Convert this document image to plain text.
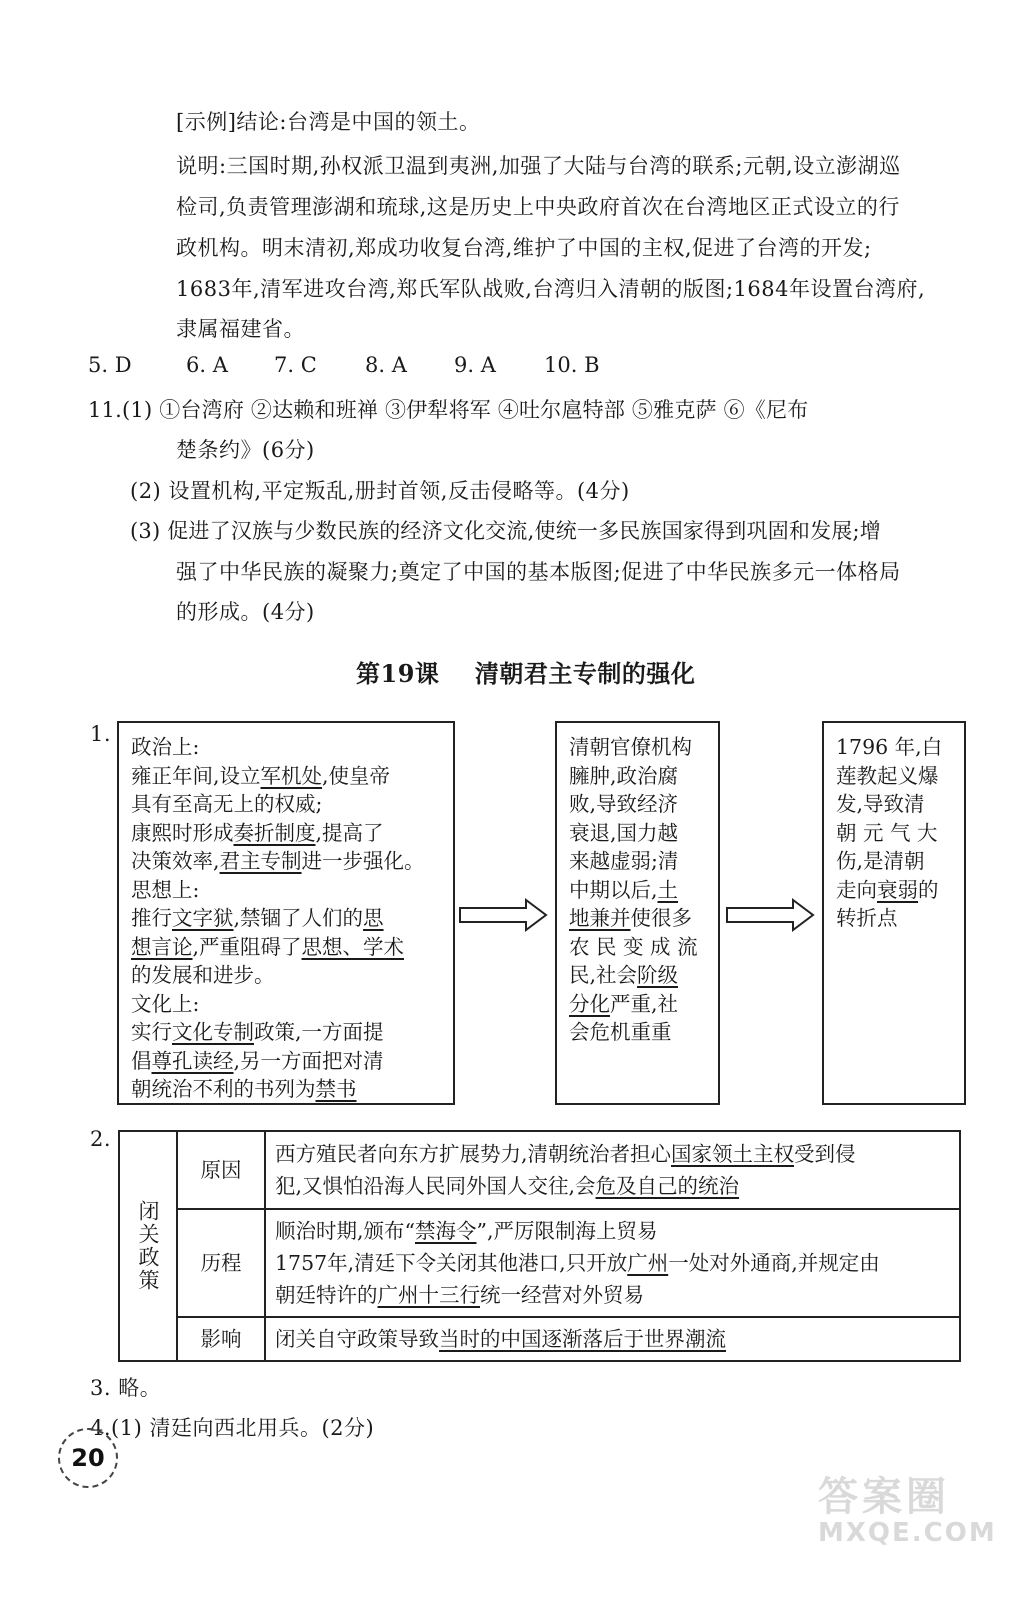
[示例]结论:台湾是中国的领土。
说明:三国时期,孙权派卫温到夷洲,加强了大陆与台湾的联系;元朝,设立澎湖巡
检司,负责管理澎湖和琉球,这是历史上中央政府首次在台湾地区正式设立的行
政机构。明末清初,郑成功收复台湾,维护了中国的主权,促进了台湾的开发;
1683年,清军进攻台湾,郑氏军队战败,台湾归入清朝的版图;1684年设置台湾府,
隶属福建省。
5. D	6. A 7. C 8. A 9. A 10. B
11.(1) ①台湾府 ②达赖和班禅 ③伊犁将军 ④吐尔扈特部 ⑤雅克萨 ⑥《尼布
楚条约》(6分)
(2) 设置机构,平定叛乱,册封首领,反击侵略等。(4分)
(3) 促进了汉族与少数民族的经济文化交流,使统一多民族国家得到巩固和发展;增
强了中华民族的凝聚力;奠定了中国的基本版图;促进了中华民族多元一体格局
的形成。(4分)
第19课    清朝君主专制的强化
1.
政治上:
雍正年间,设立军机处,使皇帝
具有至高无上的权威;
康熙时形成奏折制度,提高了
决策效率,君主专制进一步强化。
思想上:
推行文字狱,禁锢了人们的思
想言论,严重阻碍了思想、学术
的发展和进步。
文化上:
实行文化专制政策,一方面提
倡尊孔读经,另一方面把对清
朝统治不利的书列为禁书
清朝官僚机构
臃肿,政治腐
败,导致经济
衰退,国力越
来越虚弱;清
中期以后,土
地兼并使很多
农 民 变 成 流
民,社会阶级
分化严重,社
会危机重重
1796 年,白
莲教起义爆
发,导致清
朝 元 气 大
伤,是清朝
走向衰弱的
转折点
2.
闭关政策	原因	西方殖民者向东方扩展势力,清朝统治者担心国家领土主权受到侵
犯,又惧怕沿海人民同外国人交往,会危及自己的统治

	历程	顺治时期,颁布“禁海令”,严厉限制海上贸易
1757年,清廷下令关闭其他港口,只开放广州一处对外通商,并规定由
朝廷特许的广州十三行统一经营对外贸易

	影响	闭关自守政策导致当时的中国逐渐落后于世界潮流
3. 略。
4.(1) 清廷向西北用兵。(2分)
20
答案圈
MXQE.COM
